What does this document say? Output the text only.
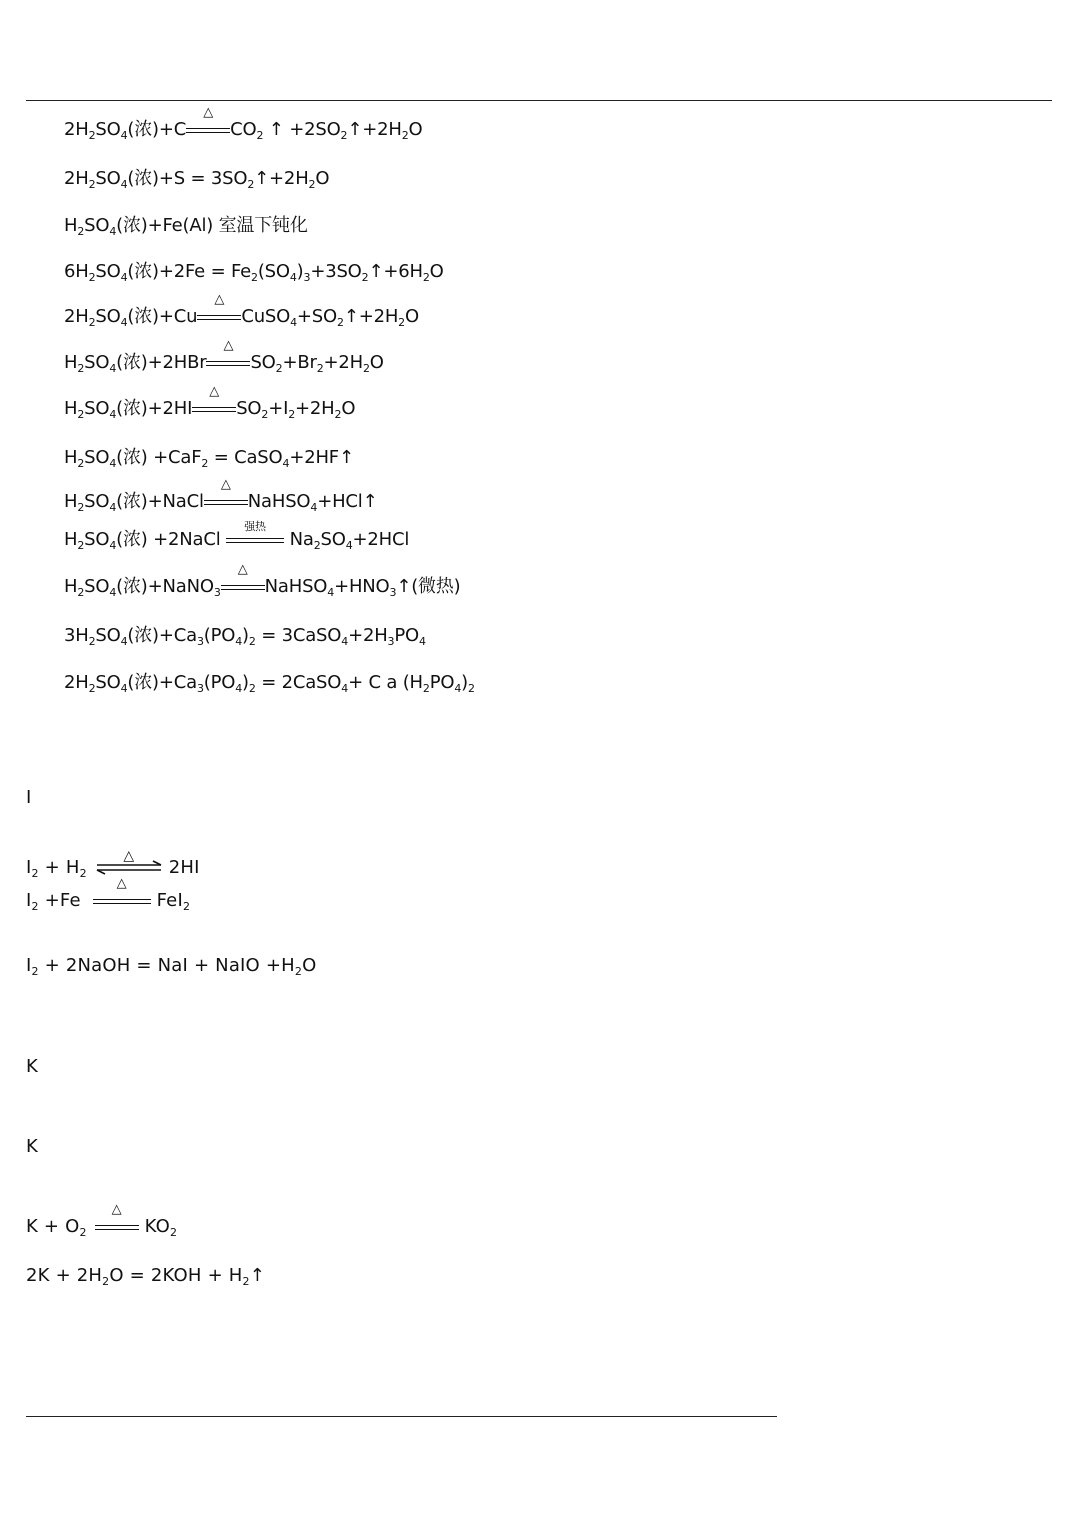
$2H_2SO_4$(浓)+C
△
$CO_2$ ↑ $+2SO_2↑+2H_2O$
$2H_2SO_4$(浓)$+S = 3SO_2↑+2H_2O$
$H_2SO_4$(浓)+Fe(Al) 室温下钝化
$6H_2SO_4$(浓)$+2Fe = Fe_2(SO_4)_3+3SO_2↑+6H_2O$
$2H_2SO_4$(浓)+Cu
△
$CuSO_4+SO_2↑+2H_2O$
$H_2SO_4$(浓)+2HBr
△
$SO_2+Br_2+2H_2O$
$H_2SO_4$(浓)+2HI
△
$SO_2+I_2+2H_2O$
$H_2SO_4$(浓) +CaF$_2$ = CaSO$_4$+2HF↑
$H_2SO_4$(浓)+NaCl
△
NaHSO$_4$+HCl↑
$H_2SO_4$(浓) +2NaCl
强热
$Na_2SO_4+2HCl$
$H_2SO_4$(浓)+NaNO$_3$
△
$NaHSO_4+HNO_3↑$(微热)
$3H_2SO_4$(浓)$+Ca_3(PO_4)_2$ = $3CaSO_4+2H_3PO_4$
$2H_2SO_4$(浓)$+Ca_3(PO_4)_2$ = 2CaSO$_4$+ C a $(H_2PO_4)_2$
I
$I_2 + H_2$
△
2HI
$I_2 +Fe$
△
FeI$_2$
$I_2$ + 2NaOH = NaI + NaIO $+H_2O$
K
K
$K + O_2$
△
$KO_2$
$2K + 2H_2O = 2KOH$ + $H_2↑$
